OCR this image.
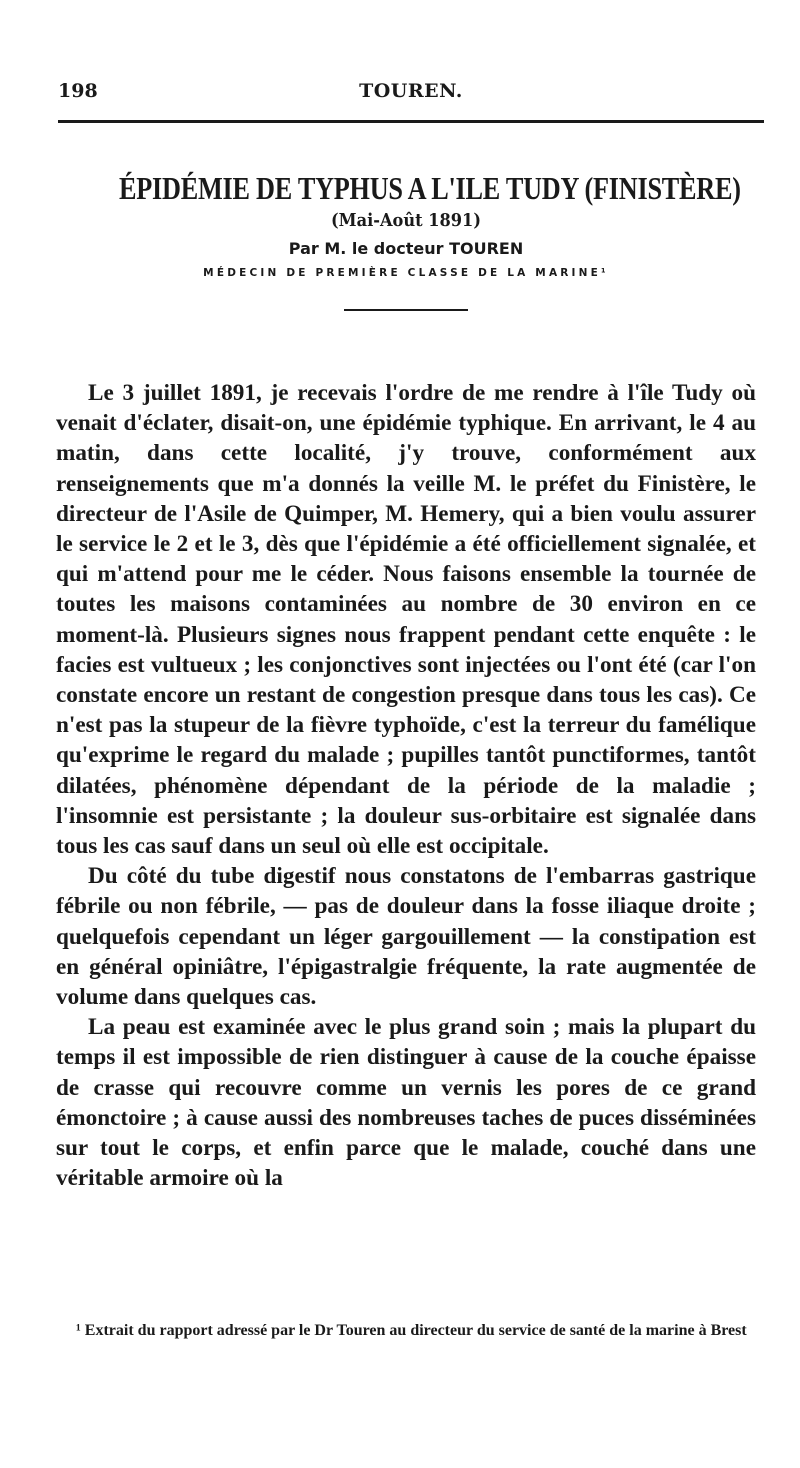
198	TOUREN.
ÉPIDÉMIE DE TYPHUS A L'ILE TUDY (FINISTÈRE)
(Mai-Août 1891)
Par M. le docteur TOUREN
MÉDECIN DE PREMIÈRE CLASSE DE LA MARINE¹

Le 3 juillet 1891, je recevais l'ordre de me rendre à l'île Tudy où venait d'éclater, disait-on, une épidémie typhique. En arrivant, le 4 au matin, dans cette localité, j'y trouve, conformément aux renseignements que m'a donnés la veille M. le préfet du Finistère, le directeur de l'Asile de Quimper, M. Hemery, qui a bien voulu assurer le service le 2 et le 3, dès que l'épidémie a été officiellement signalée, et qui m'attend pour me le céder. Nous faisons ensemble la tournée de toutes les maisons contaminées au nombre de 30 environ en ce moment-là. Plusieurs signes nous frappent pendant cette enquête : le facies est vultueux ; les conjonctives sont injectées ou l'ont été (car l'on constate encore un restant de congestion presque dans tous les cas). Ce n'est pas la stupeur de la fièvre typhoïde, c'est la terreur du famélique qu'exprime le regard du malade ; pupilles tantôt punctiformes, tantôt dilatées, phénomène dépendant de la période de la maladie ; l'insomnie est persistante ; la douleur sus-orbitaire est signalée dans tous les cas sauf dans un seul où elle est occipitale.

Du côté du tube digestif nous constatons de l'embarras gastrique fébrile ou non fébrile, — pas de douleur dans la fosse iliaque droite ; quelquefois cependant un léger gargouillement — la constipation est en général opiniâtre, l'épigastralgie fréquente, la rate augmentée de volume dans quelques cas.

La peau est examinée avec le plus grand soin ; mais la plupart du temps il est impossible de rien distinguer à cause de la couche épaisse de crasse qui recouvre comme un vernis les pores de ce grand émonctoire ; à cause aussi des nombreuses taches de puces disséminées sur tout le corps, et enfin parce que le malade, couché dans une véritable armoire où la

¹ Extrait du rapport adressé par le Dr Touren au directeur du service de santé de la marine à Brest
